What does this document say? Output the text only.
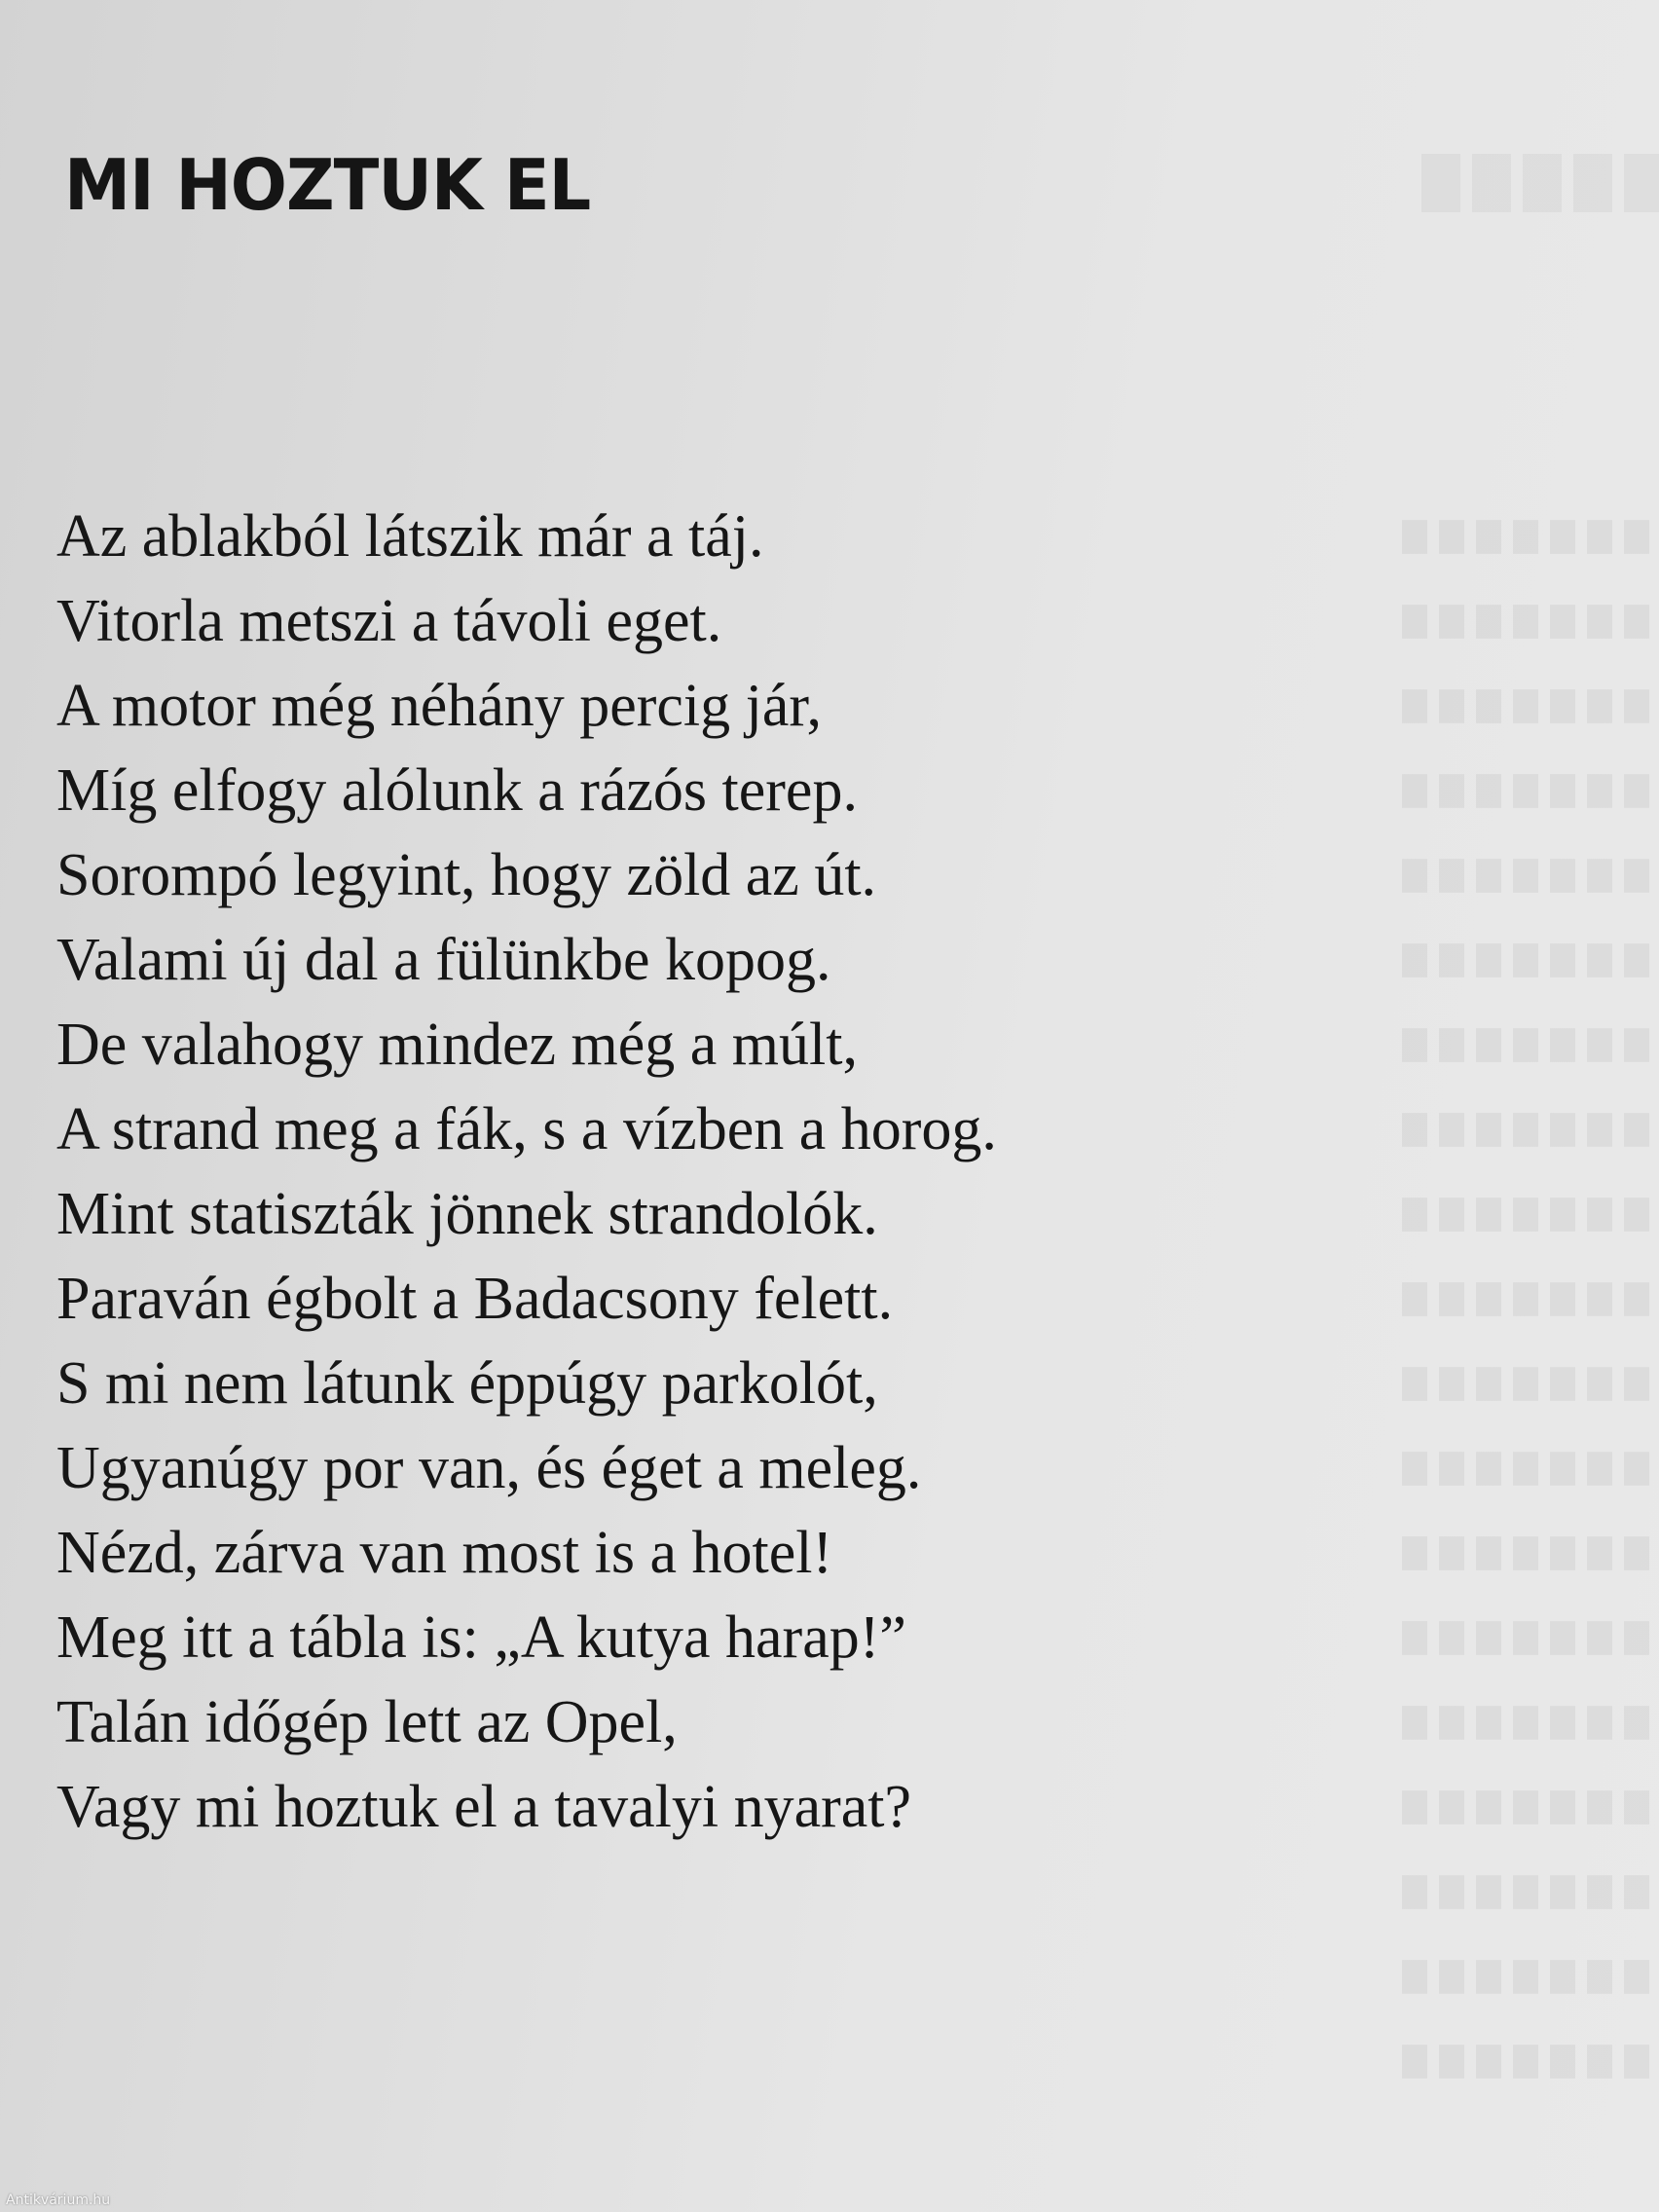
MI HOZTUK EL
Az ablakból látszik már a táj.
Vitorla metszi a távoli eget.
A motor még néhány percig jár,
Míg elfogy alólunk a rázós terep.
Sorompó legyint, hogy zöld az út.
Valami új dal a fülünkbe kopog.
De valahogy mindez még a múlt,
A strand meg a fák, s a vízben a horog.
Mint statiszták jönnek strandolók.
Paraván égbolt a Badacsony felett.
S mi nem látunk éppúgy parkolót,
Ugyanúgy por van, és éget a meleg.
Nézd, zárva van most is a hotel!
Meg itt a tábla is: „A kutya harap!”
Talán időgép lett az Opel,
Vagy mi hoztuk el a tavalyi nyarat?
Antikvárium.hu
